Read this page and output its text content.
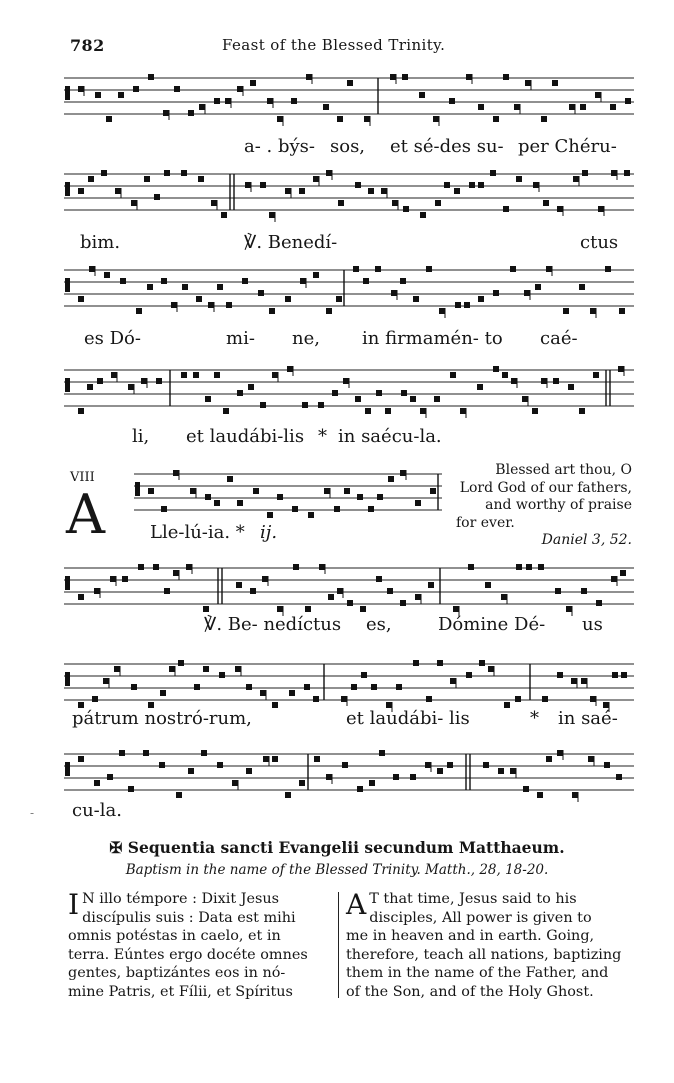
782	Feast of the Blessed Trinity.
a- . býs- sos, et sé-des su- per Chéru-
bim.	℣. Benedí-	ctus
es Dó-	mi- ne, in firmamén- to caé-
li, et laudábi-lis * in saécu-la.
VIII
A	Lle-lú-ia. * ij.
Blessed art thou, O
Lord God of our fathers,
and worthy of praise
for ever.
Daniel 3, 52.
℣. Be- nedíctus es,	Dómine Dé- us
pátrum nostró-rum,	et laudábi- lis	* in saé-
cu-la.
-
✠ Sequentia sancti Evangelii secundum Matthaeum.
Baptism in the name of the Blessed Trinity. Matth., 28, 18-20.
I N illo témpore : Dixit Jesus
discípulis suis : Data est mihi
omnis potéstas in caelo, et in
terra. Eúntes ergo docéte omnes
gentes, baptizántes eos in nó-
mine Patris, et Fílii, et Spíritus
A T that time, Jesus said to his
disciples, All power is given to
me in heaven and in earth. Going,
therefore, teach all nations, baptizing
them in the name of the Father, and
of the Son, and of the Holy Ghost.
